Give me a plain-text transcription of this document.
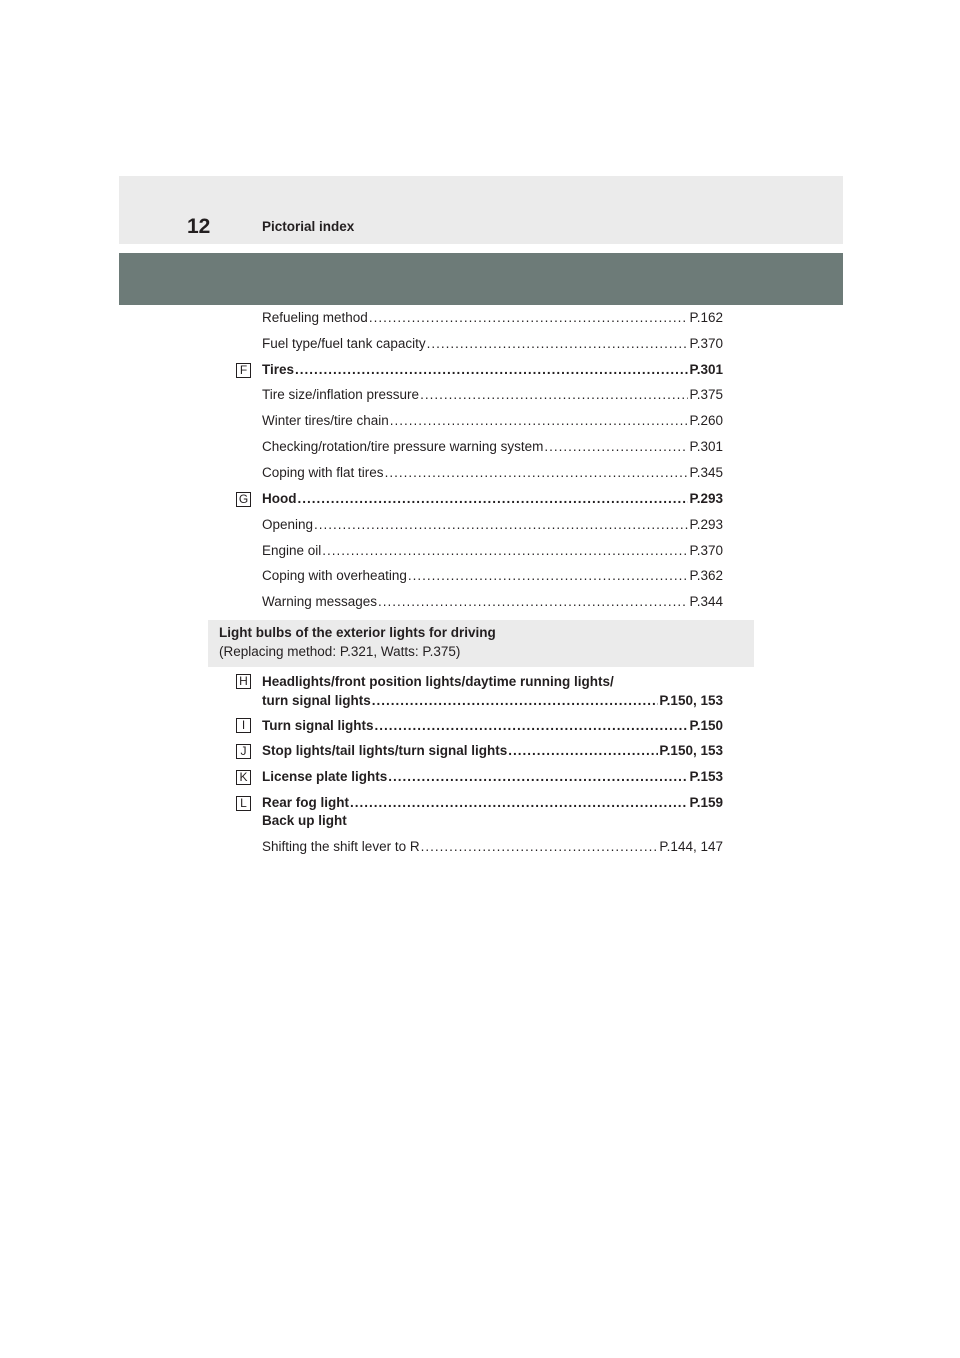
12	Pictorial index
Refueling method .....	P.162
Fuel type/fuel tank capacity .....	P.370
F Tires .....	P.301
Tire size/inflation pressure .....	P.375
Winter tires/tire chain .....	P.260
Checking/rotation/tire pressure warning system .....	P.301
Coping with flat tires .....	P.345
G Hood .....	P.293
Opening .....	P.293
Engine oil .....	P.370
Coping with overheating .....	P.362
Warning messages .....	P.344
Light bulbs of the exterior lights for driving
(Replacing method: P.321, Watts: P.375)
H Headlights/front position lights/daytime running lights/
turn signal lights .....	P.150, 153
I	Turn signal lights .....	P.150
J	Stop lights/tail lights/turn signal lights .....	P.150, 153
K License plate lights .....	P.153
L	Rear fog light .....	P.159
Back up light
Shifting the shift lever to R .....	P.144, 147
